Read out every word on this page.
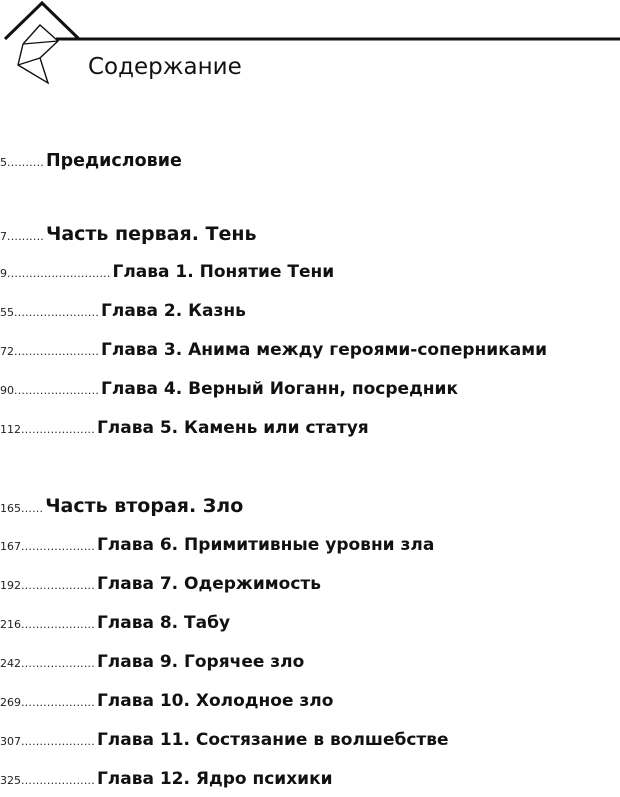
Содержание
5 .......... Предисловие
7 .......... Часть первая. Тень
9 ............................ Глава 1. Понятие Тени
55 ....................... Глава 2. Казнь
72 ....................... Глава 3. Анима между героями-соперниками
90 ....................... Глава 4. Верный Иоганн, посредник
112 .................... Глава 5. Камень или статуя
165 ...... Часть вторая. Зло
167 .................... Глава 6. Примитивные уровни зла
192 .................... Глава 7. Одержимость
216 .................... Глава 8. Табу
242 .................... Глава 9. Горячее зло
269 .................... Глава 10. Холодное зло
307 .................... Глава 11. Состязание в волшебстве
325 .................... Глава 12. Ядро психики
